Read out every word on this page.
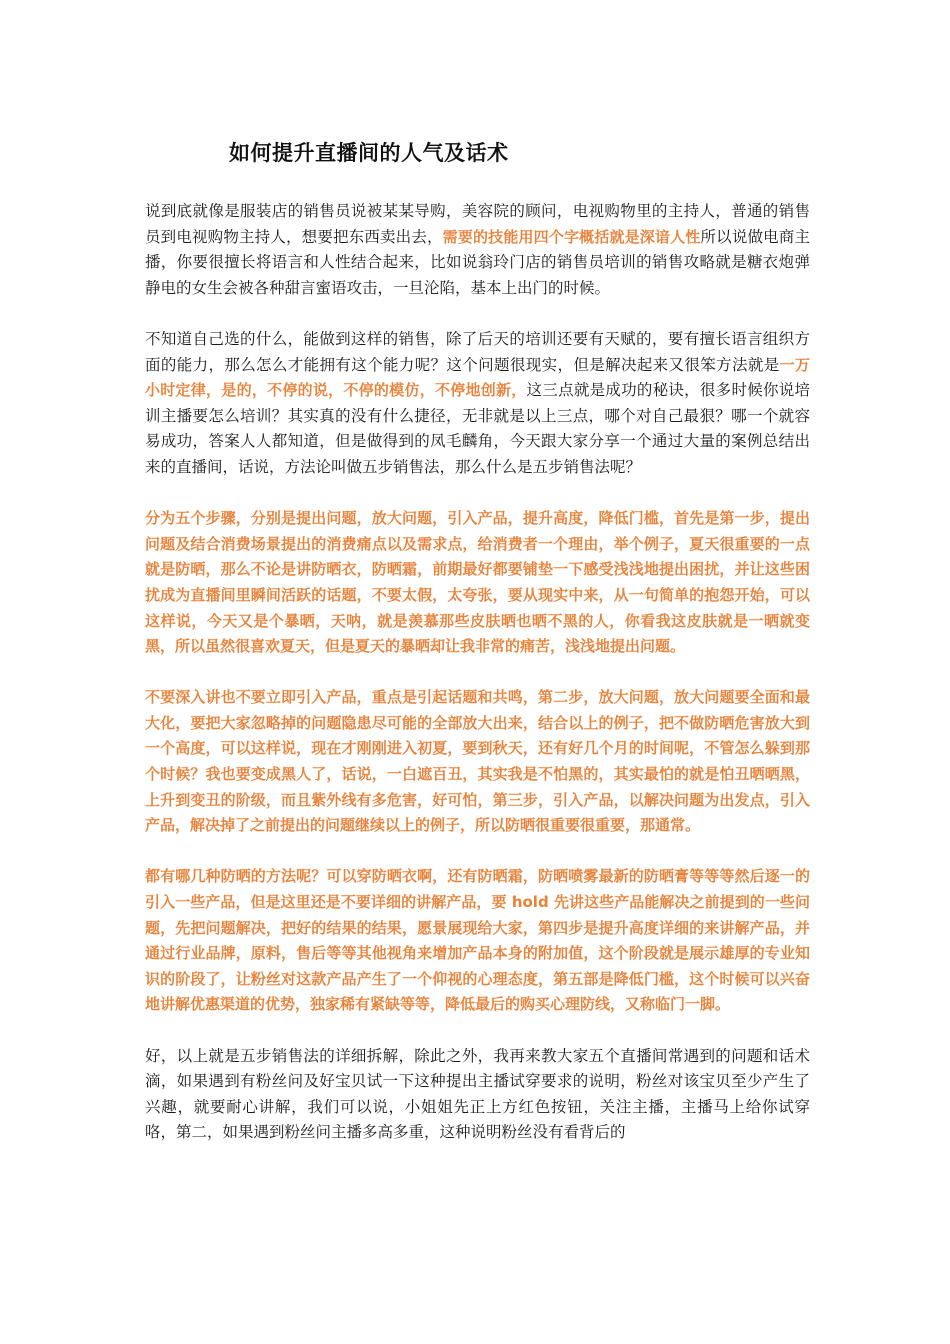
如何提升直播间的人气及话术

说到底就像是服装店的销售员说被某某导购，美容院的顾问，电视购物里的主持人，普通的销售员到电视购物主持人，想要把东西卖出去，需要的技能用四个字概括就是深谙人性所以说做电商主播，你要很擅长将语言和人性结合起来，比如说翁玲门店的销售员培训的销售攻略就是糖衣炮弹静电的女生会被各种甜言蜜语攻击，一旦沦陷，基本上出门的时候。

不知道自己选的什么，能做到这样的销售，除了后天的培训还要有天赋的，要有擅长语言组织方面的能力，那么怎么才能拥有这个能力呢？这个问题很现实，但是解决起来又很笨方法就是一万小时定律，是的，不停的说，不停的模仿，不停地创新，这三点就是成功的秘诀，很多时候你说培训主播要怎么培训？其实真的没有什么捷径，无非就是以上三点，哪个对自己最狠？哪一个就容易成功，答案人人都知道，但是做得到的凤毛麟角，今天跟大家分享一个通过大量的案例总结出来的直播间，话说，方法论叫做五步销售法，那么什么是五步销售法呢？

分为五个步骤，分别是提出问题，放大问题，引入产品，提升高度，降低门槛，首先是第一步，提出问题及结合消费场景提出的消费痛点以及需求点，给消费者一个理由，举个例子，夏天很重要的一点就是防晒，那么不论是讲防晒衣，防晒霜，前期最好都要铺垫一下感受浅浅地提出困扰，并让这些困扰成为直播间里瞬间活跃的话题，不要太假，太夸张，要从现实中来，从一句简单的抱怨开始，可以这样说，今天又是个暴晒，天呐，就是羡慕那些皮肤晒也晒不黑的人，你看我这皮肤就是一晒就变黑，所以虽然很喜欢夏天，但是夏天的暴晒却让我非常的痛苦，浅浅地提出问题。

不要深入讲也不要立即引入产品，重点是引起话题和共鸣，第二步，放大问题，放大问题要全面和最大化，要把大家忽略掉的问题隐患尽可能的全部放大出来，结合以上的例子，把不做防晒危害放大到一个高度，可以这样说，现在才刚刚进入初夏，要到秋天，还有好几个月的时间呢，不管怎么躲到那个时候？我也要变成黑人了，话说，一白遮百丑，其实我是不怕黑的，其实最怕的就是怕丑晒晒黑，上升到变丑的阶级，而且紫外线有多危害，好可怕，第三步，引入产品，以解决问题为出发点，引入产品，解决掉了之前提出的问题继续以上的例子，所以防晒很重要很重要，那通常。

都有哪几种防晒的方法呢？可以穿防晒衣啊，还有防晒霜，防晒喷雾最新的防晒膏等等等然后逐一的引入一些产品，但是这里还是不要详细的讲解产品，要 hold 先讲这些产品能解决之前提到的一些问题，先把问题解决，把好的结果的结果，愿景展现给大家，第四步是提升高度详细的来讲解产品，并通过行业品牌，原料，售后等等其他视角来增加产品本身的附加值，这个阶段就是展示雄厚的专业知识的阶段了，让粉丝对这款产品产生了一个仰视的心理态度，第五部是降低门槛，这个时候可以兴奋地讲解优惠渠道的优势，独家稀有紧缺等等，降低最后的购买心理防线，又称临门一脚。

好，以上就是五步销售法的详细拆解，除此之外，我再来教大家五个直播间常遇到的问题和话术滴，如果遇到有粉丝问及好宝贝试一下这种提出主播试穿要求的说明，粉丝对该宝贝至少产生了兴趣，就要耐心讲解，我们可以说，小姐姐先正上方红色按钮，关注主播，主播马上给你试穿咯，第二，如果遇到粉丝问主播多高多重，这种说明粉丝没有看背后的
